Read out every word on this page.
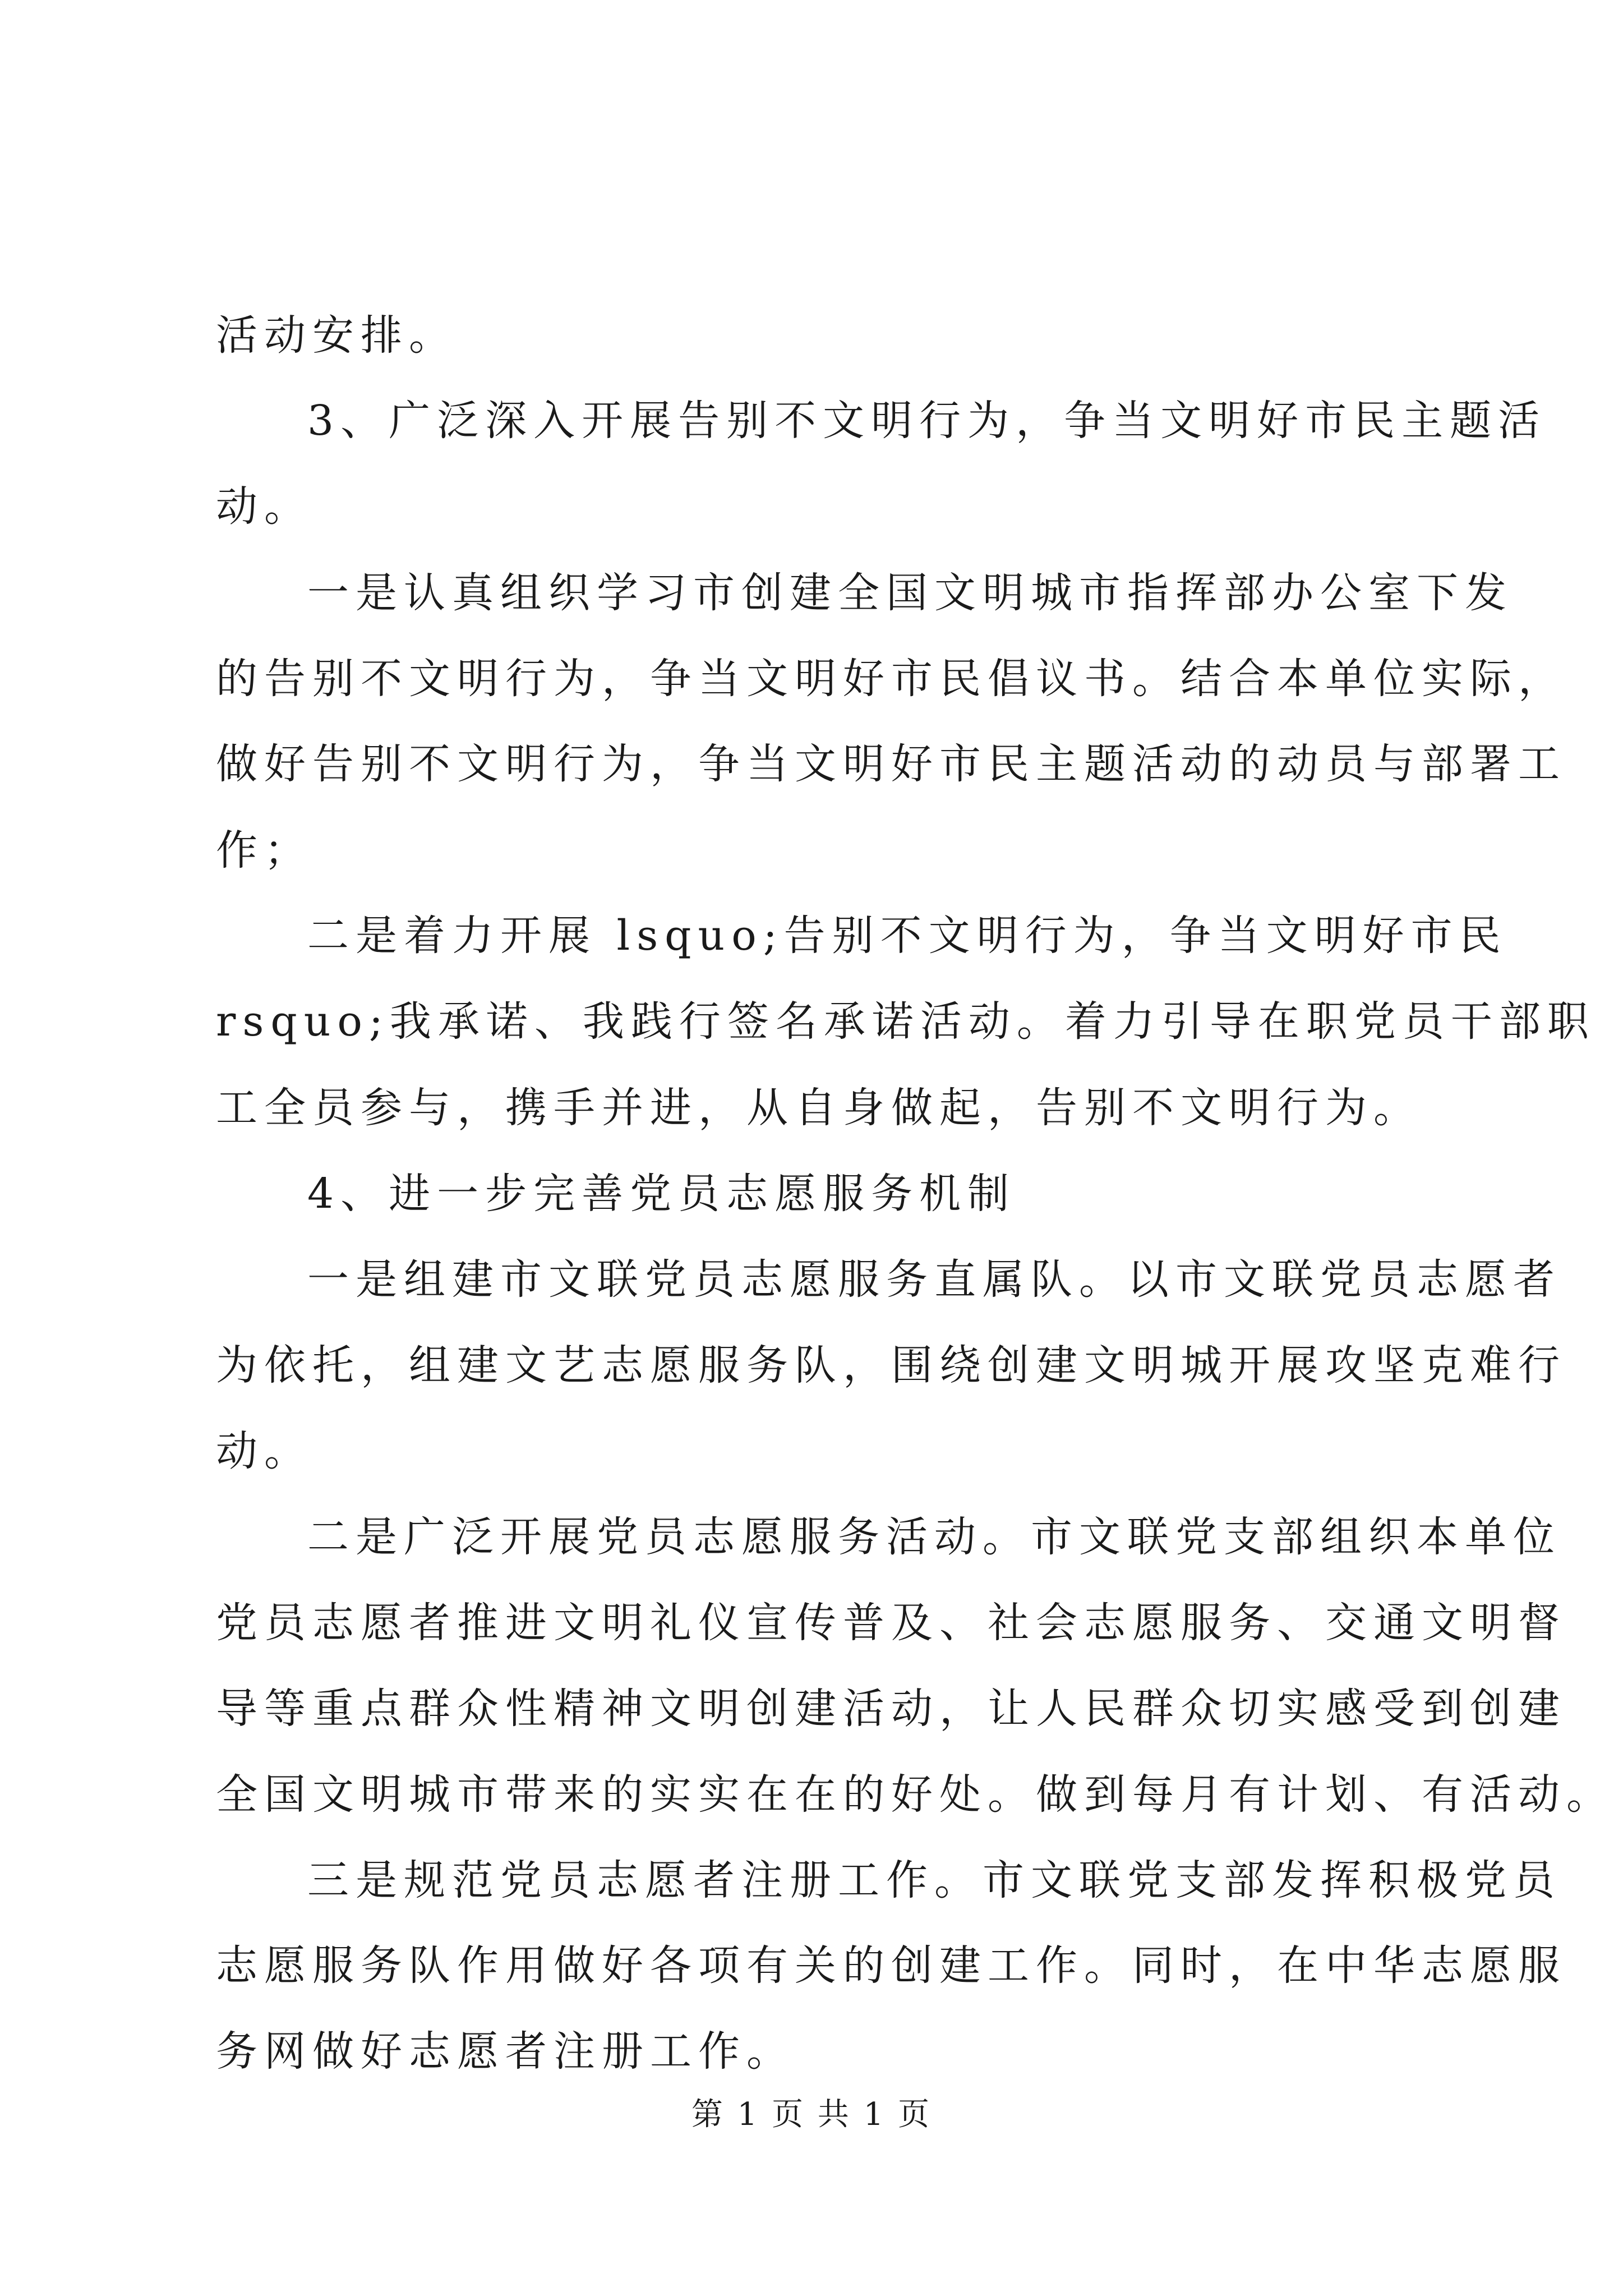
活动安排。

3、广泛深入开展告别不文明行为，争当文明好市民主题活

动。

一是认真组织学习市创建全国文明城市指挥部办公室下发

的告别不文明行为，争当文明好市民倡议书。结合本单位实际，

做好告别不文明行为，争当文明好市民主题活动的动员与部署工

作；

二是着力开展 lsquo;告别不文明行为，争当文明好市民

rsquo;我承诺、我践行签名承诺活动。着力引导在职党员干部职

工全员参与，携手并进，从自身做起，告别不文明行为。

4、进一步完善党员志愿服务机制

一是组建市文联党员志愿服务直属队。以市文联党员志愿者

为依托，组建文艺志愿服务队，围绕创建文明城开展攻坚克难行

动。

二是广泛开展党员志愿服务活动。市文联党支部组织本单位

党员志愿者推进文明礼仪宣传普及、社会志愿服务、交通文明督

导等重点群众性精神文明创建活动，让人民群众切实感受到创建

全国文明城市带来的实实在在的好处。做到每月有计划、有活动。

三是规范党员志愿者注册工作。市文联党支部发挥积极党员

志愿服务队作用做好各项有关的创建工作。同时，在中华志愿服

务网做好志愿者注册工作。

第 1 页 共 1 页
